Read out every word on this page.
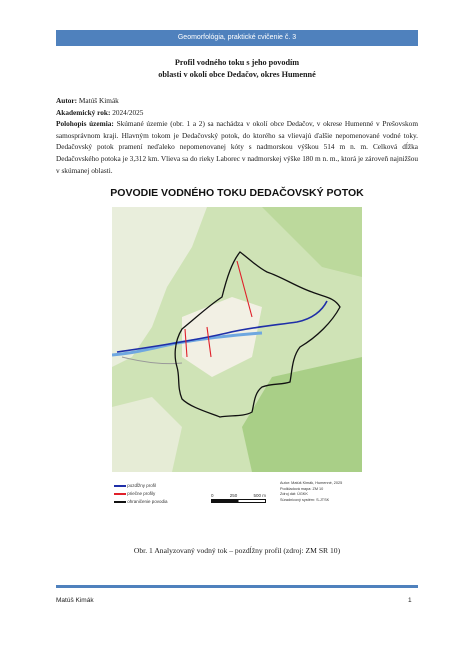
Geomorfológia, praktické cvičenie č. 3
Profil vodného toku s jeho povodím
oblasti v okolí obce Dedačov, okres Humenné
Autor: Matúš Kimák
Akademický rok: 2024/2025
Polohopis územia: Skúmané územie (obr. 1 a 2) sa nachádza v okolí obce Dedačov, v okrese Humenné v Prešovskom samosprávnom kraji. Hlavným tokom je Dedačovský potok, do ktorého sa vlievajú ďalšie nepomenované vodné toky. Dedačovský potok pramení neďaleko nepomenovanej kóty s nadmorskou výškou 514 m n. m. Celková dĺžka Dedačovského potoka je 3,312 km. Vlieva sa do rieky Laborec v nadmorskej výške 180 m n. m., ktorá je zároveň najnižšou v skúmanej oblasti.
POVODIE VODNÉHO TOKU DEDAČOVSKÝ POTOK
pozdĺžny profil
priečne profily
ohraničenie povodia
0	250	500 m
Autor: Matúš Kimák, Humenné, 2025
Podkladová mapa: ZM 10
Zdroj dát: ÚGKK
Súradnicový systém: S-JTSK
Obr. 1 Analyzovaný vodný tok – pozdĺžny profil (zdroj: ZM SR 10)
Matúš Kimák	1
